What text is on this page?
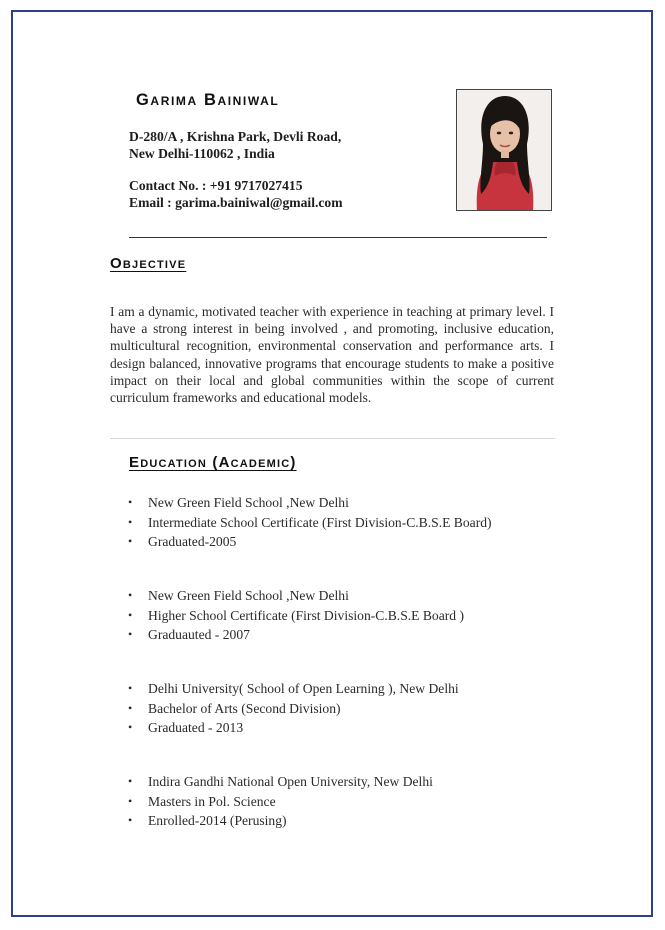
Garima Bainiwal
D-280/A , Krishna Park, Devli Road,
New Delhi-110062 , India
Contact No. : +91 9717027415
Email : garima.bainiwal@gmail.com
Objective
I am a dynamic, motivated teacher with experience in teaching at primary level. I have a strong interest in being involved , and promoting, inclusive education, multicultural recognition, environmental conservation and performance arts. I design balanced, innovative programs that encourage students to make a positive impact on their local and global communities within the scope of current curriculum frameworks and educational models.
Education (Academic)
• New Green Field School ,New Delhi
• Intermediate School Certificate (First Division-C.B.S.E Board)
• Graduated-2005
• New Green Field School ,New Delhi
• Higher School Certificate (First Division-C.B.S.E Board )
• Graduauted - 2007
• Delhi University( School of Open Learning ), New Delhi
• Bachelor of Arts (Second Division)
• Graduated - 2013
• Indira Gandhi National Open University, New Delhi
• Masters in Pol. Science
• Enrolled-2014 (Perusing)
